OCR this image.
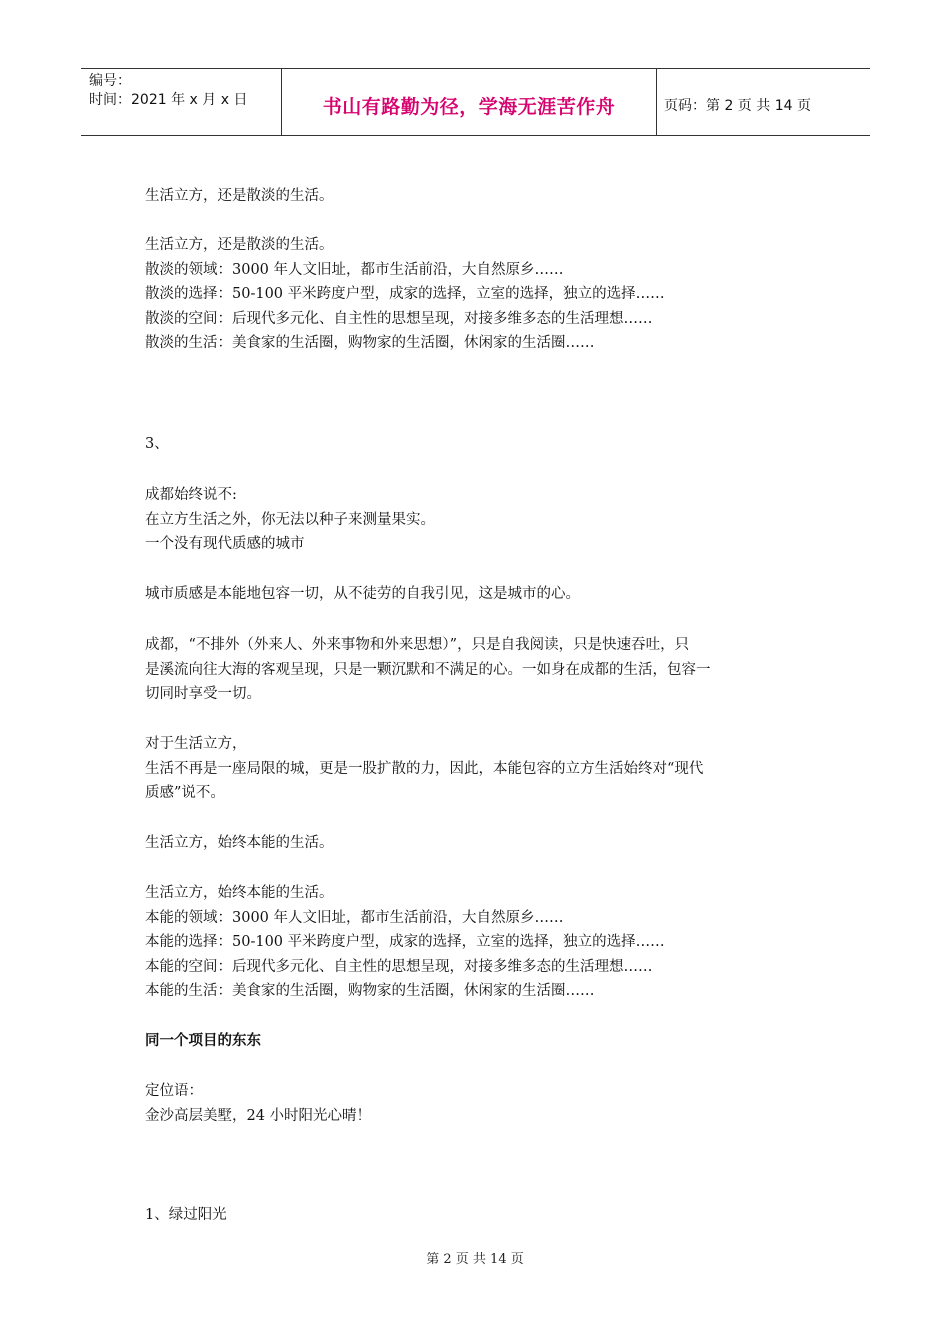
编号：
时间：2021 年 x 月 x 日	书山有路勤为径，学海无涯苦作舟	页码：第 2 页 共 14 页

生活立方，还是散淡的生活。

生活立方，还是散淡的生活。

散淡的领域：3000 年人文旧址，都市生活前沿，大自然原乡……

散淡的选择：50-100 平米跨度户型，成家的选择，立室的选择，独立的选择……

散淡的空间：后现代多元化、自主性的思想呈现，对接多维多态的生活理想……

散淡的生活：美食家的生活圈，购物家的生活圈，休闲家的生活圈……

3、

成都始终说不:

在立方生活之外，你无法以种子来测量果实。

一个没有现代质感的城市

城市质感是本能地包容一切，从不徒劳的自我引见，这是城市的心。

成都，“不排外（外来人、外来事物和外来思想）”，只是自我阅读，只是快速吞吐，只

是溪流向往大海的客观呈现，只是一颗沉默和不满足的心。一如身在成都的生活，包容一

切同时享受一切。

对于生活立方，

生活不再是一座局限的城，更是一股扩散的力，因此，本能包容的立方生活始终对“现代

质感”说不。

生活立方，始终本能的生活。

生活立方，始终本能的生活。

本能的领域：3000 年人文旧址，都市生活前沿，大自然原乡……

本能的选择：50-100 平米跨度户型，成家的选择，立室的选择，独立的选择……

本能的空间：后现代多元化、自主性的思想呈现，对接多维多态的生活理想……

本能的生活：美食家的生活圈，购物家的生活圈，休闲家的生活圈……

同一个项目的东东

定位语：

金沙高层美墅，24 小时阳光心晴！

1、绿过阳光

第 2 页 共 14 页
